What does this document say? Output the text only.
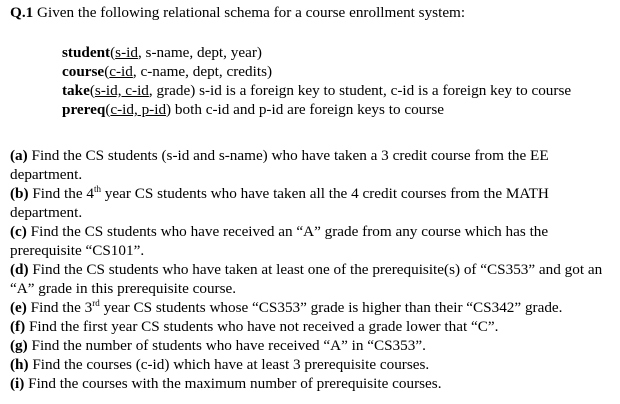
Q.1 Given the following relational schema for a course enrollment system:
student(s-id, s-name, dept, year)
course(c-id, c-name, dept, credits)
take(s-id, c-id, grade) s-id is a foreign key to student, c-id is a foreign key to course
prereq(c-id, p-id) both c-id and p-id are foreign keys to course
(a) Find the CS students (s-id and s-name) who have taken a 3 credit course from the EE department.
(b) Find the 4th year CS students who have taken all the 4 credit courses from the MATH department.
(c) Find the CS students who have received an “A” grade from any course which has the prerequisite “CS101”.
(d) Find the CS students who have taken at least one of the prerequisite(s) of “CS353” and got an “A” grade in this prerequisite course.
(e) Find the 3rd year CS students whose “CS353” grade is higher than their “CS342” grade.
(f) Find the first year CS students who have not received a grade lower that “C”.
(g) Find the number of students who have received “A” in “CS353”.
(h) Find the courses (c-id) which have at least 3 prerequisite courses.
(i) Find the courses with the maximum number of prerequisite courses.
